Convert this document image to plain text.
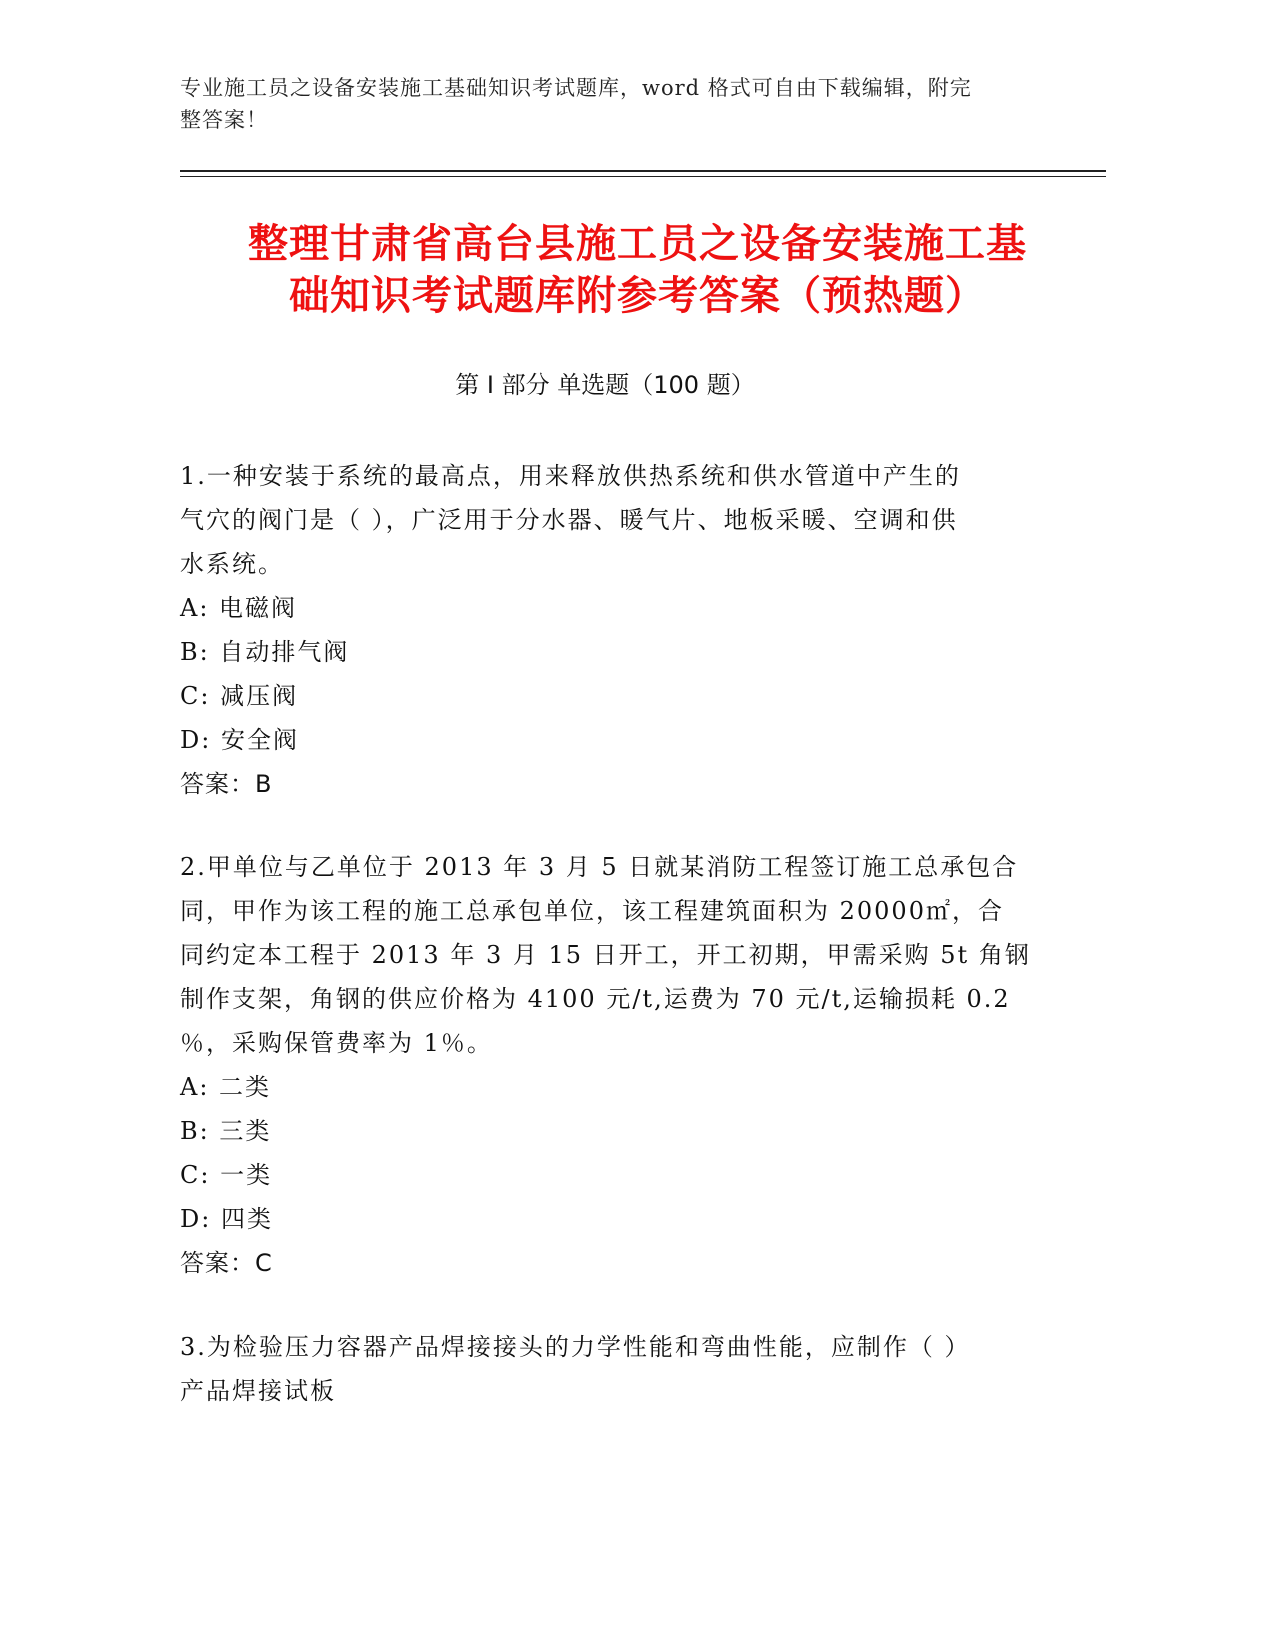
专业施工员之设备安装施工基础知识考试题库，word 格式可自由下载编辑，附完
整答案！
整理甘肃省高台县施工员之设备安装施工基
础知识考试题库附参考答案（预热题）
第 I 部分 单选题（100 题）
1.一种安装于系统的最高点，用来释放供热系统和供水管道中产生的
气穴的阀门是（ ），广泛用于分水器、暖气片、地板采暖、空调和供
水系统。
A: 电磁阀
B: 自动排气阀
C: 减压阀
D: 安全阀
答案：B
2.甲单位与乙单位于 2013 年 3 月 5 日就某消防工程签订施工总承包合
同，甲作为该工程的施工总承包单位，该工程建筑面积为 20000㎡，合
同约定本工程于 2013 年 3 月 15 日开工，开工初期，甲需采购 5t 角钢
制作支架，角钢的供应价格为 4100 元/t,运费为 70 元/t,运输损耗 0.2
％，采购保管费率为 1％。
A: 二类
B: 三类
C: 一类
D: 四类
答案：C
3.为检验压力容器产品焊接接头的力学性能和弯曲性能，应制作（ ）
产品焊接试板
